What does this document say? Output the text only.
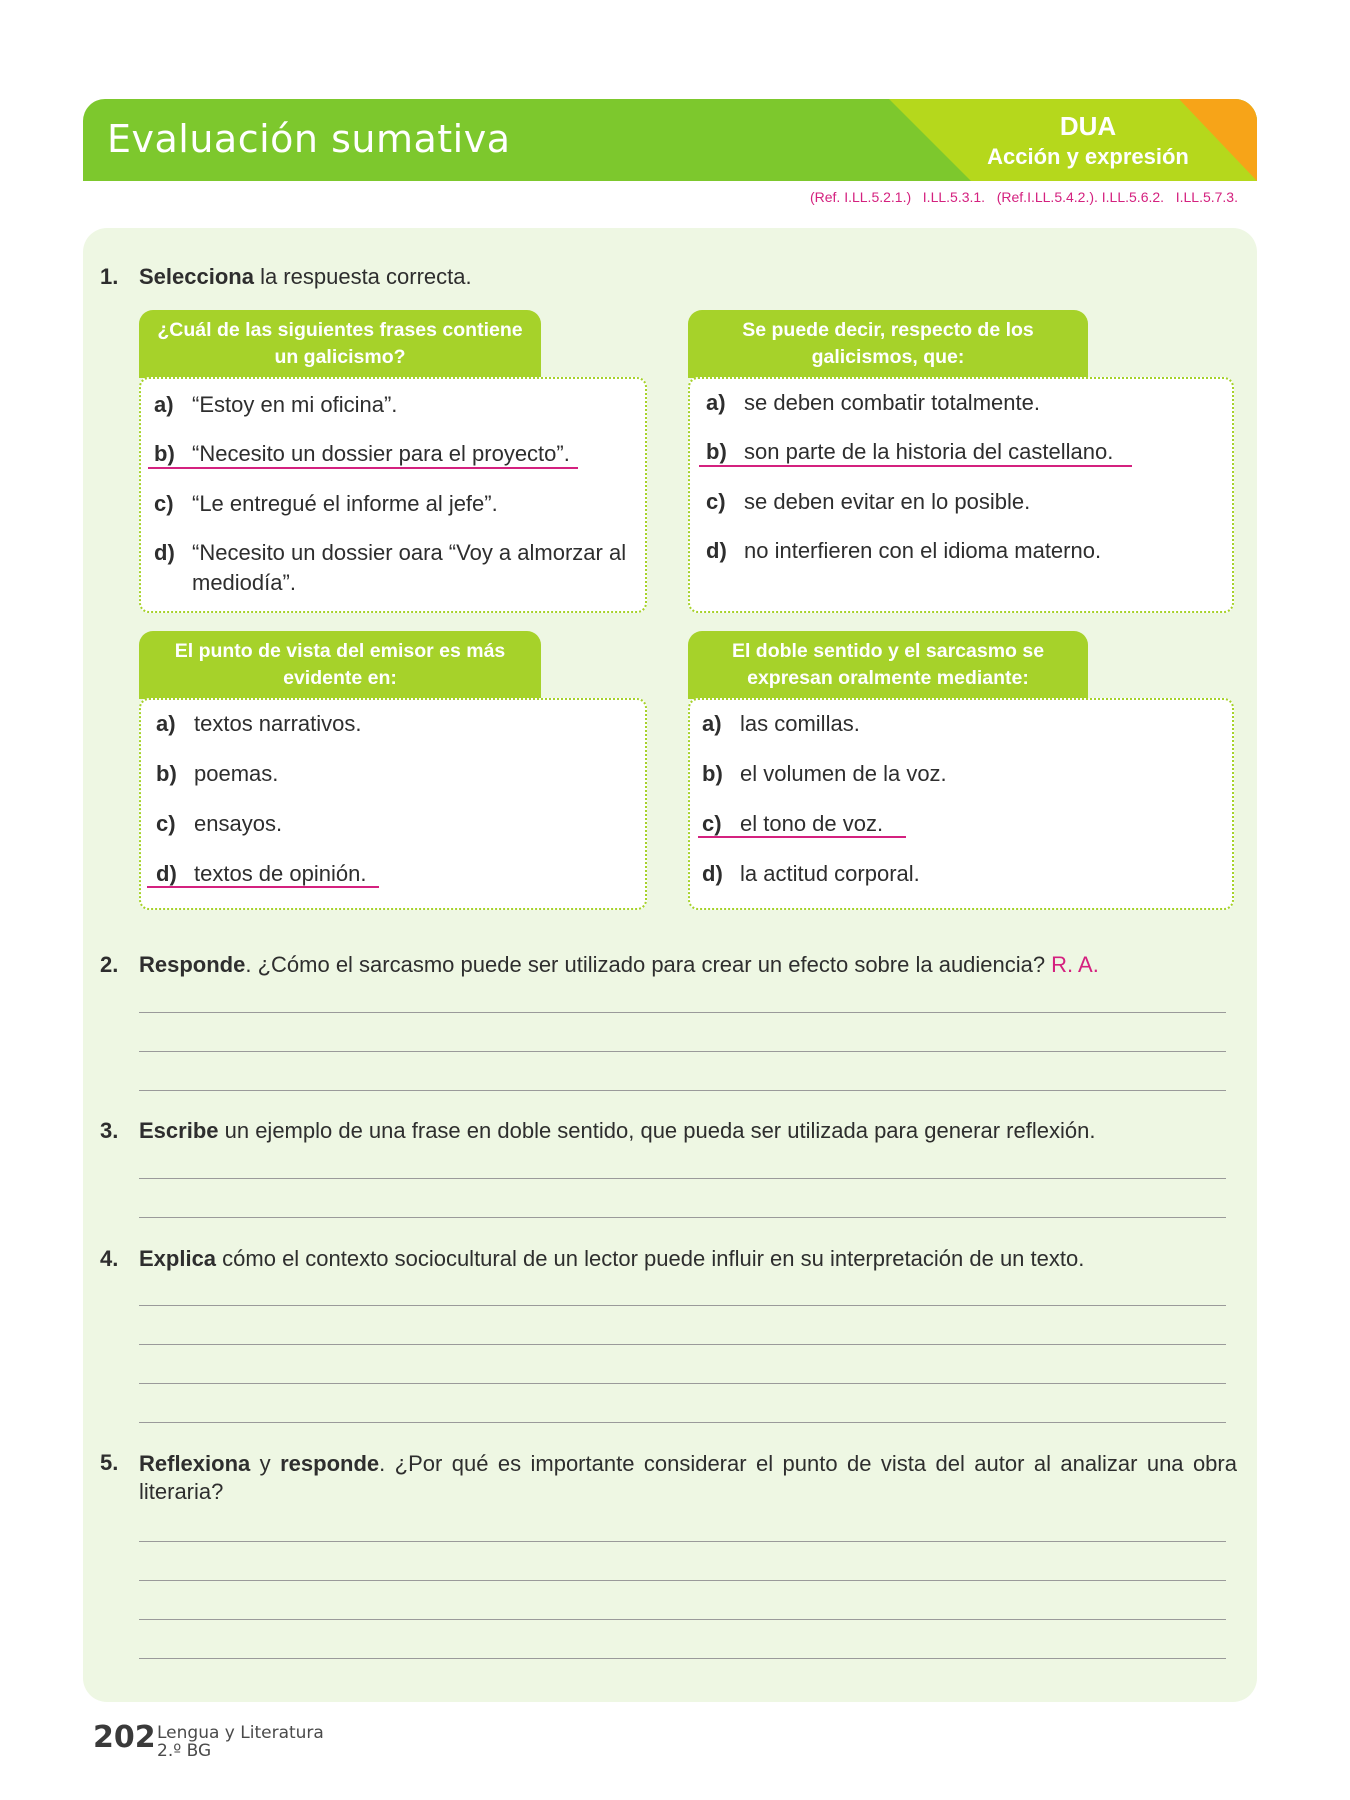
Evaluación sumativa	DUA
Acción y expresión
(Ref. I.LL.5.2.1.)   I.LL.5.3.1.   (Ref.I.LL.5.4.2.). I.LL.5.6.2.   I.LL.5.7.3.
1. Selecciona la respuesta correcta.
¿Cuál de las siguientes frases contiene un galicismo?
a) “Estoy en mi oficina”.
b) “Necesito un dossier para el proyecto”.
c) “Le entregué el informe al jefe”.
d) “Necesito un dossier oara “Voy a almorzar al mediodía”.
Se puede decir, respecto de los galicismos, que:
a) se deben combatir totalmente.
b) son parte de la historia del castellano.
c) se deben evitar en lo posible.
d) no interfieren con el idioma materno.
El punto de vista del emisor es más evidente en:
a) textos narrativos.
b) poemas.
c) ensayos.
d) textos de opinión.
El doble sentido y el sarcasmo se expresan oralmente mediante:
a) las comillas.
b) el volumen de la voz.
c) el tono de voz.
d) la actitud corporal.
2. Responde. ¿Cómo el sarcasmo puede ser utilizado para crear un efecto sobre la audiencia? R. A.
3. Escribe un ejemplo de una frase en doble sentido, que pueda ser utilizada para generar reflexión.
4. Explica cómo el contexto sociocultural de un lector puede influir en su interpretación de un texto.
5. Reflexiona y responde. ¿Por qué es importante considerar el punto de vista del autor al analizar una obra literaria?
202 Lengua y Literatura
2.º BG
